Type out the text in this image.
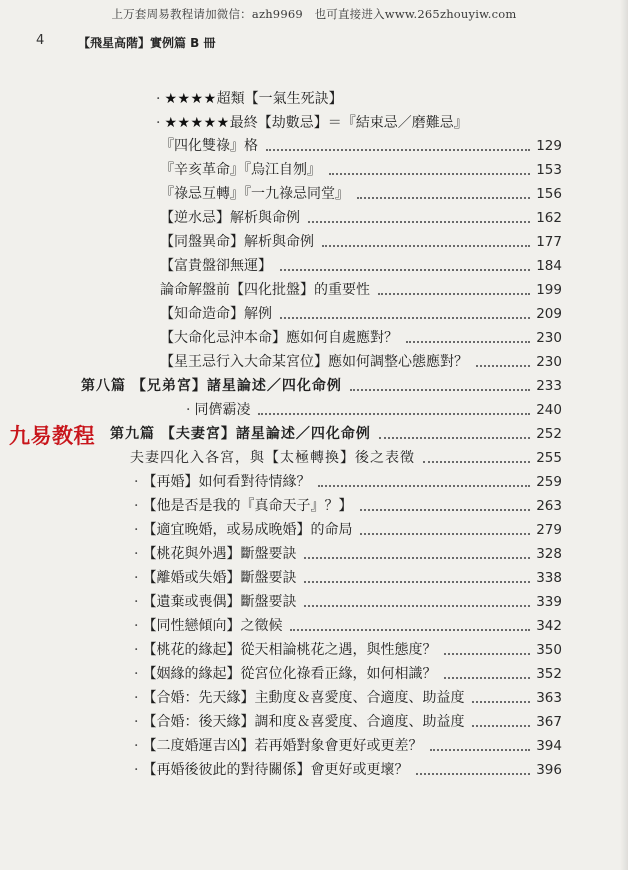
上万套周易教程请加微信：azh9969　也可直接进入www.265zhouyiw.com
4	【飛星高階】實例篇 B 冊
九易教程
· ★★★★超類【一氣生死訣】
· ★★★★★最終【劫數忌】＝『結束忌／磨難忌』
『四化雙祿』格	129
『辛亥革命』『烏江自刎』	153
『祿忌互轉』『一九祿忌同堂』	156
【逆水忌】解析與命例	162
【同盤異命】解析與命例	177
【富貴盤卻無運】	184
論命解盤前【四化批盤】的重要性	199
【知命造命】解例	209
【大命化忌沖本命】應如何自處應對？	230
【星王忌行入大命某宮位】應如何調整心態應對？	230
第八篇 【兄弟宮】諸星論述／四化命例	233
· 同儕霸凌	240
第九篇 【夫妻宮】諸星論述／四化命例	252
夫妻四化入各宮，與【太極轉換】後之表徵	255
· 【再婚】如何看對待情緣？	259
· 【他是否是我的『真命天子』？】	263
· 【適宜晚婚，或易成晚婚】的命局	279
· 【桃花與外遇】斷盤要訣	328
· 【離婚或失婚】斷盤要訣	338
· 【遺棄或喪偶】斷盤要訣	339
· 【同性戀傾向】之徵候	342
· 【桃花的緣起】從天相論桃花之遇，與性態度？	350
· 【姻緣的緣起】從宮位化祿看正緣，如何相識？	352
· 【合婚：先天緣】主動度＆喜愛度、合適度、助益度	363
· 【合婚：後天緣】調和度＆喜愛度、合適度、助益度	367
· 【二度婚運吉凶】若再婚對象會更好或更差？	394
· 【再婚後彼此的對待關係】會更好或更壞？	396
